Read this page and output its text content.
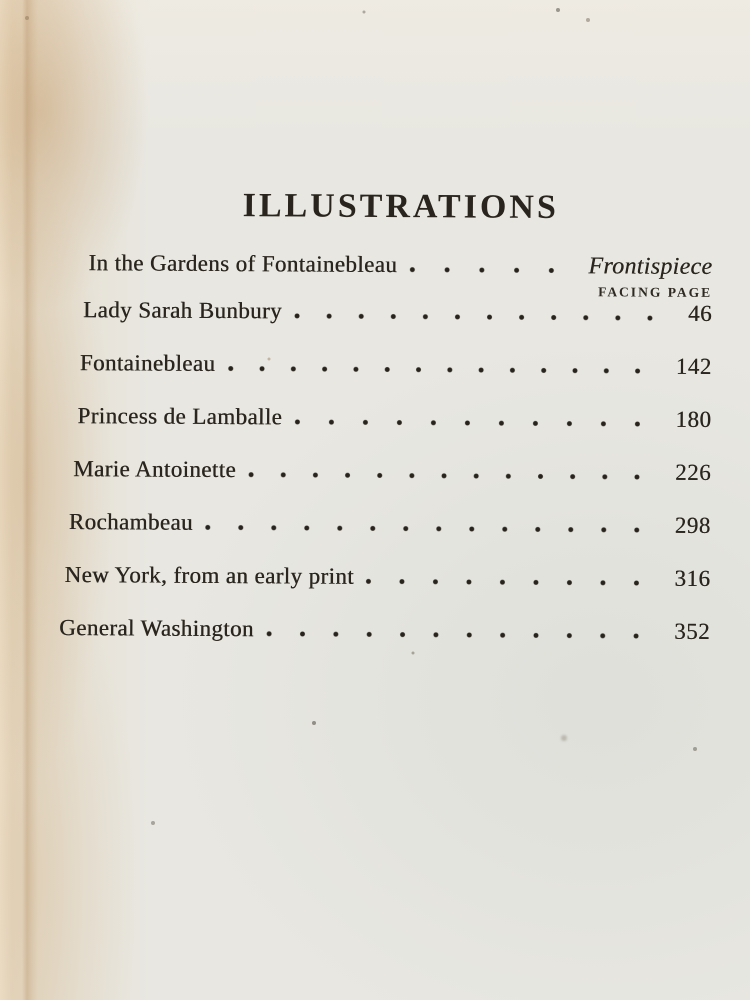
ILLUSTRATIONS
In the Gardens of Fontainebleau	Frontispiece
FACING PAGE
Lady Sarah Bunbury	46
Fontainebleau	142
Princess de Lamballe	180
Marie Antoinette	226
Rochambeau	298
New York, from an early print	316
General Washington	352
